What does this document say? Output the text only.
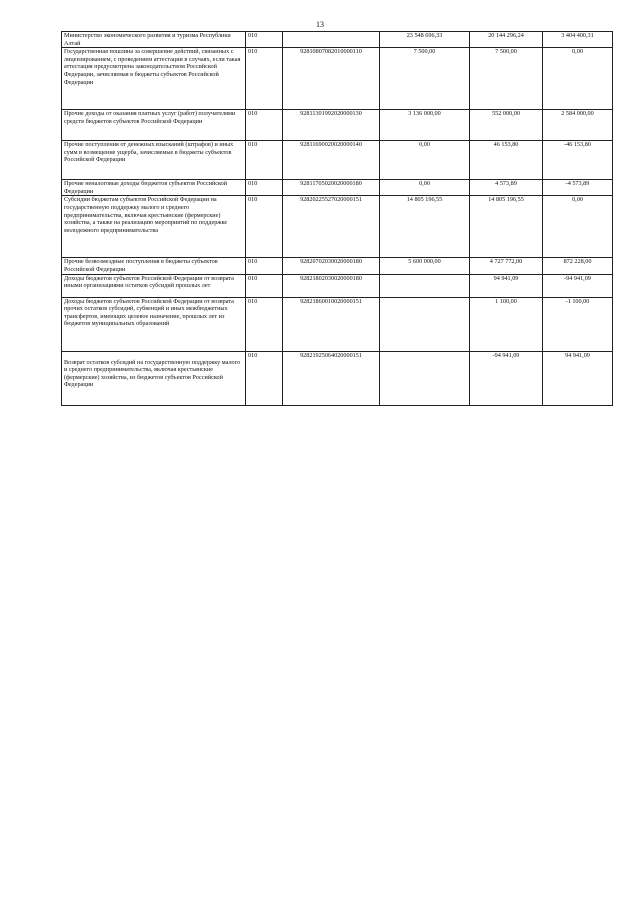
13
Министерство экономического развития и туризма Республики Алтай	010		23 548 696,33	20 144 296,24	3 404 400,31
Государственная пошлина за совершение действий, связанных с лицензированием, с проведением аттестации в случаях, если такая аттестация предусмотрена законодательством Российской Федерации, зачисляемая в бюджеты субъектов Российской Федерации	010	92810807082010000110	7 500,00	7 500,00	0,00
Прочие доходы от оказания платных услуг (работ) получателями средств бюджетов субъектов Российской Федерации	010	92811301992020000130	3 136 000,00	552 000,00	2 584 000,00
Прочие поступления от денежных взысканий (штрафов) и иных сумм в возмещение ущерба, зачисляемые в бюджеты субъектов Российской Федерации	010	92811690020020000140	0,00	46 153,80	-46 153,80
Прочие неналоговые доходы бюджетов субъектов Российской Федерации	010	92811705020020000180	0,00	4 573,89	-4 573,89
Субсидии бюджетам субъектов Российской Федерации на государственную поддержку малого и среднего предпринимательства, включая крестьянские (фермерские) хозяйства, а также на реализацию мероприятий по поддержке молодежного предпринимательства	010	92820225527020000151	14 805 196,55	14 805 196,55	0,00
Прочие безвозмездные поступления в бюджеты субъектов Российской Федерации	010	92820702030020000180	5 600 000,00	4 727 772,00	872 228,00
Доходы бюджетов субъектов Российской Федерации от возврата иными организациями остатков субсидий прошлых лет	010	92821802030020000180		94 941,09	-94 941,09
Доходы бюджетов субъектов Российской Федерации от возврата прочих остатков субсидий, субвенций и иных межбюджетных трансфертов, имеющих целевое назначение, прошлых лет из бюджетов муниципальных образований	010	92821860010020000151		1 100,00	-1 100,00
Возврат остатков субсидий на государственную поддержку малого и среднего предпринимательства, включая крестьянские (фермерские) хозяйства, из бюджетов субъектов Российской Федерации	010	92821925064020000151		-94 941,09	94 941,09
